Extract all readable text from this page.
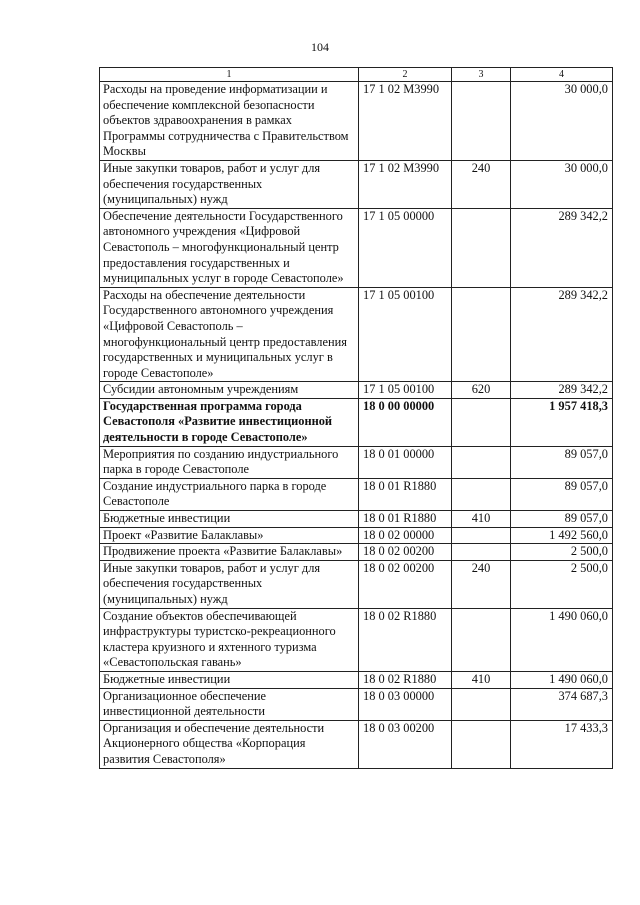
104
1	2	3	4
Расходы на проведение информатизации и обеспечение комплексной безопасности объектов здравоохранения в рамках Программы сотрудничества с Правительством Москвы	17 1 02 М3990		30 000,0
Иные закупки товаров, работ и услуг для обеспечения государственных (муниципальных) нужд	17 1 02 М3990	240	30 000,0
Обеспечение деятельности Государственного автономного учреждения «Цифровой Севастополь – многофункциональный центр предоставления государственных и муниципальных услуг в городе Севастополе»	17 1 05 00000		289 342,2
Расходы на обеспечение деятельности Государственного автономного учреждения «Цифровой Севастополь – многофункциональный центр предоставления государственных и муниципальных услуг в городе Севастополе»	17 1 05 00100		289 342,2
Субсидии автономным учреждениям	17 1 05 00100	620	289 342,2
Государственная программа города Севастополя «Развитие инвестиционной деятельности в городе Севастополе»	18 0 00 00000		1 957 418,3
Мероприятия по созданию индустриального парка в городе Севастополе	18 0 01 00000		89 057,0
Создание индустриального парка в городе Севастополе	18 0 01 R1880		89 057,0
Бюджетные инвестиции	18 0 01 R1880	410	89 057,0
Проект «Развитие Балаклавы»	18 0 02 00000		1 492 560,0
Продвижение проекта «Развитие Балаклавы»	18 0 02 00200		2 500,0
Иные закупки товаров, работ и услуг для обеспечения государственных (муниципальных) нужд	18 0 02 00200	240	2 500,0
Создание объектов обеспечивающей инфраструктуры туристско-рекреационного кластера круизного и яхтенного туризма «Севастопольская гавань»	18 0 02 R1880		1 490 060,0
Бюджетные инвестиции	18 0 02 R1880	410	1 490 060,0
Организационное обеспечение инвестиционной деятельности	18 0 03 00000		374 687,3
Организация и обеспечение деятельности Акционерного общества «Корпорация развития Севастополя»	18 0 03 00200		17 433,3
